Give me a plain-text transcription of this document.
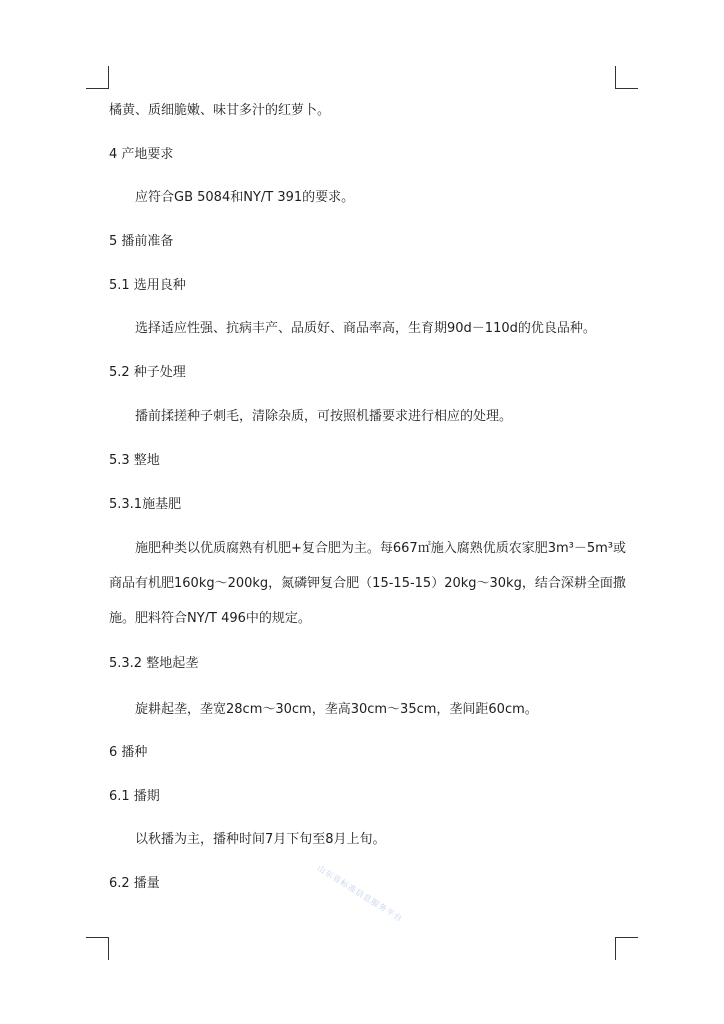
橘黄、质细脆嫩、味甘多汁的红萝卜。
4 产地要求
应符合GB 5084和NY/T 391的要求。
5 播前准备
5.1 选用良种
选择适应性强、抗病丰产、品质好、商品率高，生育期90d－110d的优良品种。
5.2 种子处理
播前揉搓种子刺毛，清除杂质，可按照机播要求进行相应的处理。
5.3 整地
5.3.1施基肥
施肥种类以优质腐熟有机肥+复合肥为主。每667㎡施入腐熟优质农家肥3m³－5m³或
商品有机肥160kg～200kg，氮磷钾复合肥（15-15-15）20kg～30kg，结合深耕全面撒
施。肥料符合NY/T 496中的规定。
5.3.2 整地起垄
旋耕起垄，垄宽28cm～30cm，垄高30cm～35cm，垄间距60cm。
6 播种
6.1 播期
以秋播为主，播种时间7月下旬至8月上旬。
6.2 播量	山东省标准信息服务平台
